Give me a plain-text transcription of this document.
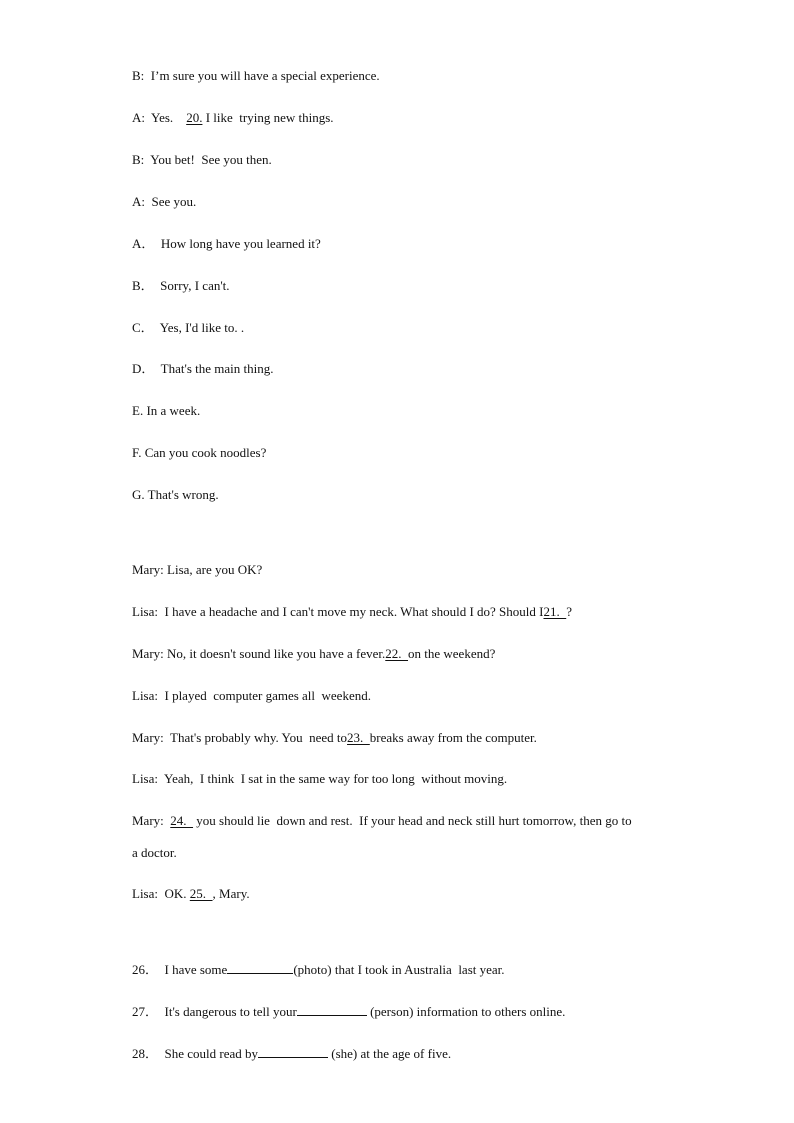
B:  I’m sure you will have a special experience.
A:  Yes.    20. I like  trying new things.
B:  You bet!  See you then.
A:  See you.
A．  How long have you learned it?
B．  Sorry, I can't.
C．  Yes, I'd like to. .
D．  That's the main thing.
E. In a week.
F. Can you cook noodles?
G. That's wrong.
Mary: Lisa, are you OK?
Lisa:  I have a headache and I can't move my neck. What should I do? Should I21.  ?
Mary: No, it doesn't sound like you have a fever.22.  on the weekend?
Lisa:  I played  computer games all  weekend.
Mary:  That's probably why. You  need to23.  breaks away from the computer.
Lisa:  Yeah,  I think  I sat in the same way for too long  without moving.
Mary:  24.   you should lie  down and rest.  If your head and neck still hurt tomorrow, then go to
a doctor.
Lisa:  OK. 25.  , Mary.
26．  I have some	(photo) that I took in Australia  last year.
27．  It's dangerous to tell your	(person) information to others online.
28．  She could read by	(she) at the age of five.
